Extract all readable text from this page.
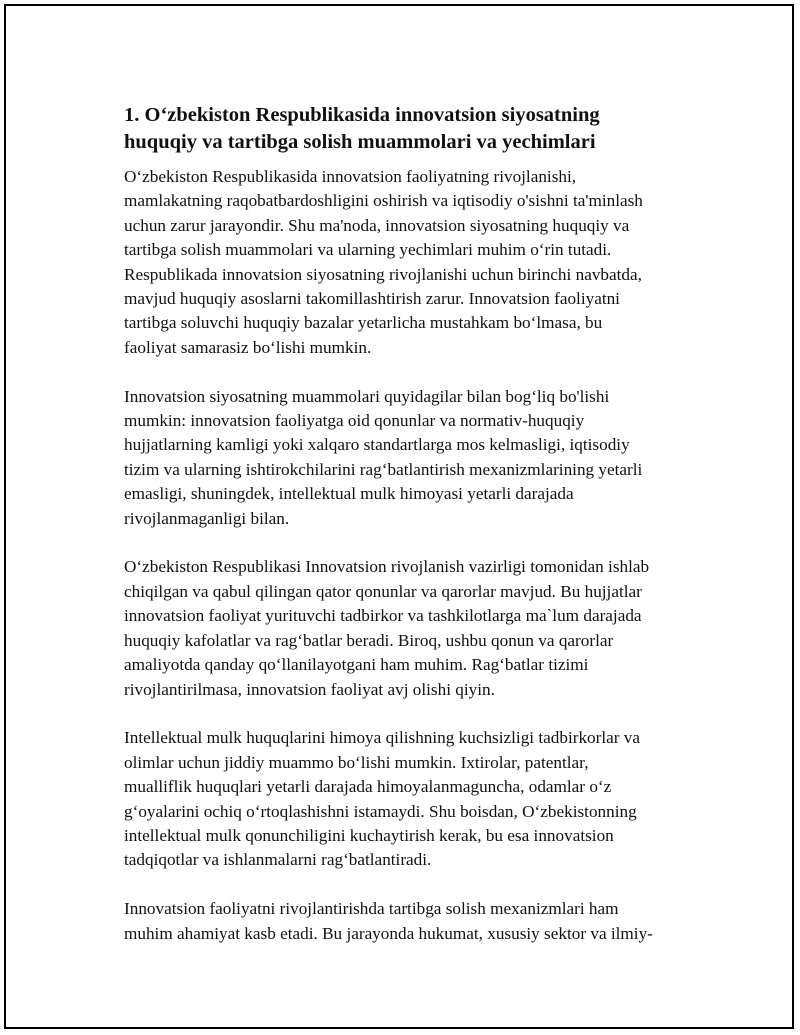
1. O‘zbekiston Respublikasida innovatsion siyosatning
huquqiy va tartibga solish muammolari va yechimlari
O‘zbekiston Respublikasida innovatsion faoliyatning rivojlanishi,
mamlakatning raqobatbardoshligini oshirish va iqtisodiy o'sishni ta'minlash
uchun zarur jarayondir. Shu ma'noda, innovatsion siyosatning huquqiy va
tartibga solish muammolari va ularning yechimlari muhim o‘rin tutadi.
Respublikada innovatsion siyosatning rivojlanishi uchun birinchi navbatda,
mavjud huquqiy asoslarni takomillashtirish zarur. Innovatsion faoliyatni
tartibga soluvchi huquqiy bazalar yetarlicha mustahkam bo‘lmasa, bu
faoliyat samarasiz bo‘lishi mumkin.
Innovatsion siyosatning muammolari quyidagilar bilan bog‘liq bo'lishi
mumkin: innovatsion faoliyatga oid qonunlar va normativ-huquqiy
hujjatlarning kamligi yoki xalqaro standartlarga mos kelmasligi, iqtisodiy
tizim va ularning ishtirokchilarini rag‘batlantirish mexanizmlarining yetarli
emasligi, shuningdek, intellektual mulk himoyasi yetarli darajada
rivojlanmaganligi bilan.
O‘zbekiston Respublikasi Innovatsion rivojlanish vazirligi tomonidan ishlab
chiqilgan va qabul qilingan qator qonunlar va qarorlar mavjud. Bu hujjatlar
innovatsion faoliyat yurituvchi tadbirkor va tashkilotlarga ma`lum darajada
huquqiy kafolatlar va rag‘batlar beradi. Biroq, ushbu qonun va qarorlar
amaliyotda qanday qo‘llanilayotgani ham muhim. Rag‘batlar tizimi
rivojlantirilmasa, innovatsion faoliyat avj olishi qiyin.
Intellektual mulk huquqlarini himoya qilishning kuchsizligi tadbirkorlar va
olimlar uchun jiddiy muammo bo‘lishi mumkin. Ixtirolar, patentlar,
mualliflik huquqlari yetarli darajada himoyalanmaguncha, odamlar o‘z
g‘oyalarini ochiq o‘rtoqlashishni istamaydi. Shu boisdan, O‘zbekistonning
intellektual mulk qonunchiligini kuchaytirish kerak, bu esa innovatsion
tadqiqotlar va ishlanmalarni rag‘batlantiradi.
Innovatsion faoliyatni rivojlantirishda tartibga solish mexanizmlari ham
muhim ahamiyat kasb etadi. Bu jarayonda hukumat, xususiy sektor va ilmiy-
